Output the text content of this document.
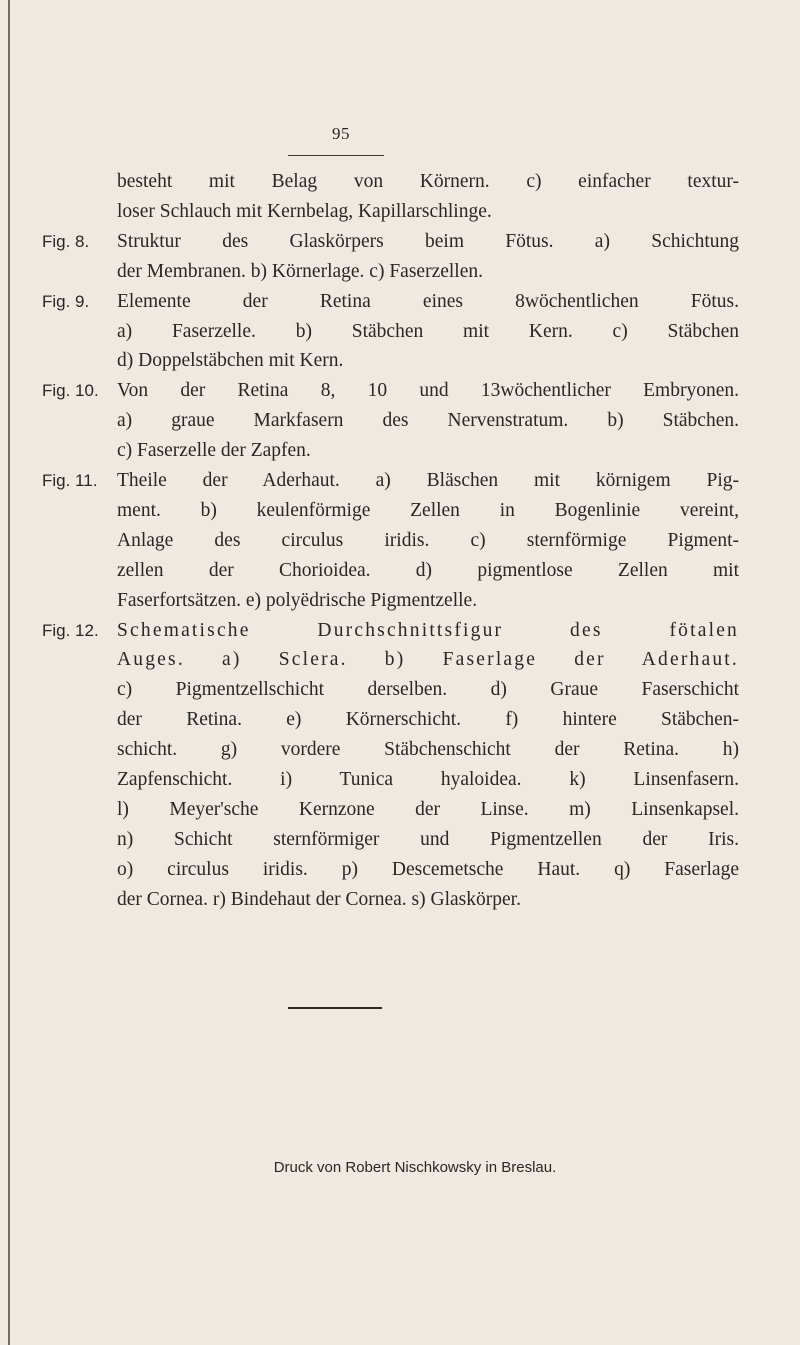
95
besteht mit Belag von Körnern. c) einfacher textur-
loser Schlauch mit Kernbelag, Kapillarschlinge.
Fig. 8. Struktur des Glaskörpers beim Fötus. a) Schichtung
der Membranen. b) Körnerlage. c) Faserzellen.
Fig. 9. Elemente der Retina eines 8wöchentlichen Fötus.
a) Faserzelle. b) Stäbchen mit Kern. c) Stäbchen
d) Doppelstäbchen mit Kern.
Fig. 10. Von der Retina 8, 10 und 13wöchentlicher Embryonen.
a) graue Markfasern des Nervenstratum. b) Stäbchen.
c) Faserzelle der Zapfen.
Fig. 11. Theile der Aderhaut. a) Bläschen mit körnigem Pig-
ment. b) keulenförmige Zellen in Bogenlinie vereint,
Anlage des circulus iridis. c) sternförmige Pigment-
zellen der Chorioidea. d) pigmentlose Zellen mit
Faserfortsätzen. e) polyëdrische Pigmentzelle.
Fig. 12. Schematische Durchschnittsfigur des fötalen
Auges. a) Sclera. b) Faserlage der Aderhaut.
c) Pigmentzellschicht derselben. d) Graue Faserschicht
der Retina. e) Körnerschicht. f) hintere Stäbchen-
schicht. g) vordere Stäbchenschicht der Retina. h)
Zapfenschicht. i) Tunica hyaloidea. k) Linsenfasern.
l) Meyer'sche Kernzone der Linse. m) Linsenkapsel.
n) Schicht sternförmiger und Pigmentzellen der Iris.
o) circulus iridis. p) Descemetsche Haut. q) Faserlage
der Cornea. r) Bindehaut der Cornea. s) Glaskörper.
Druck von Robert Nischkowsky in Breslau.
